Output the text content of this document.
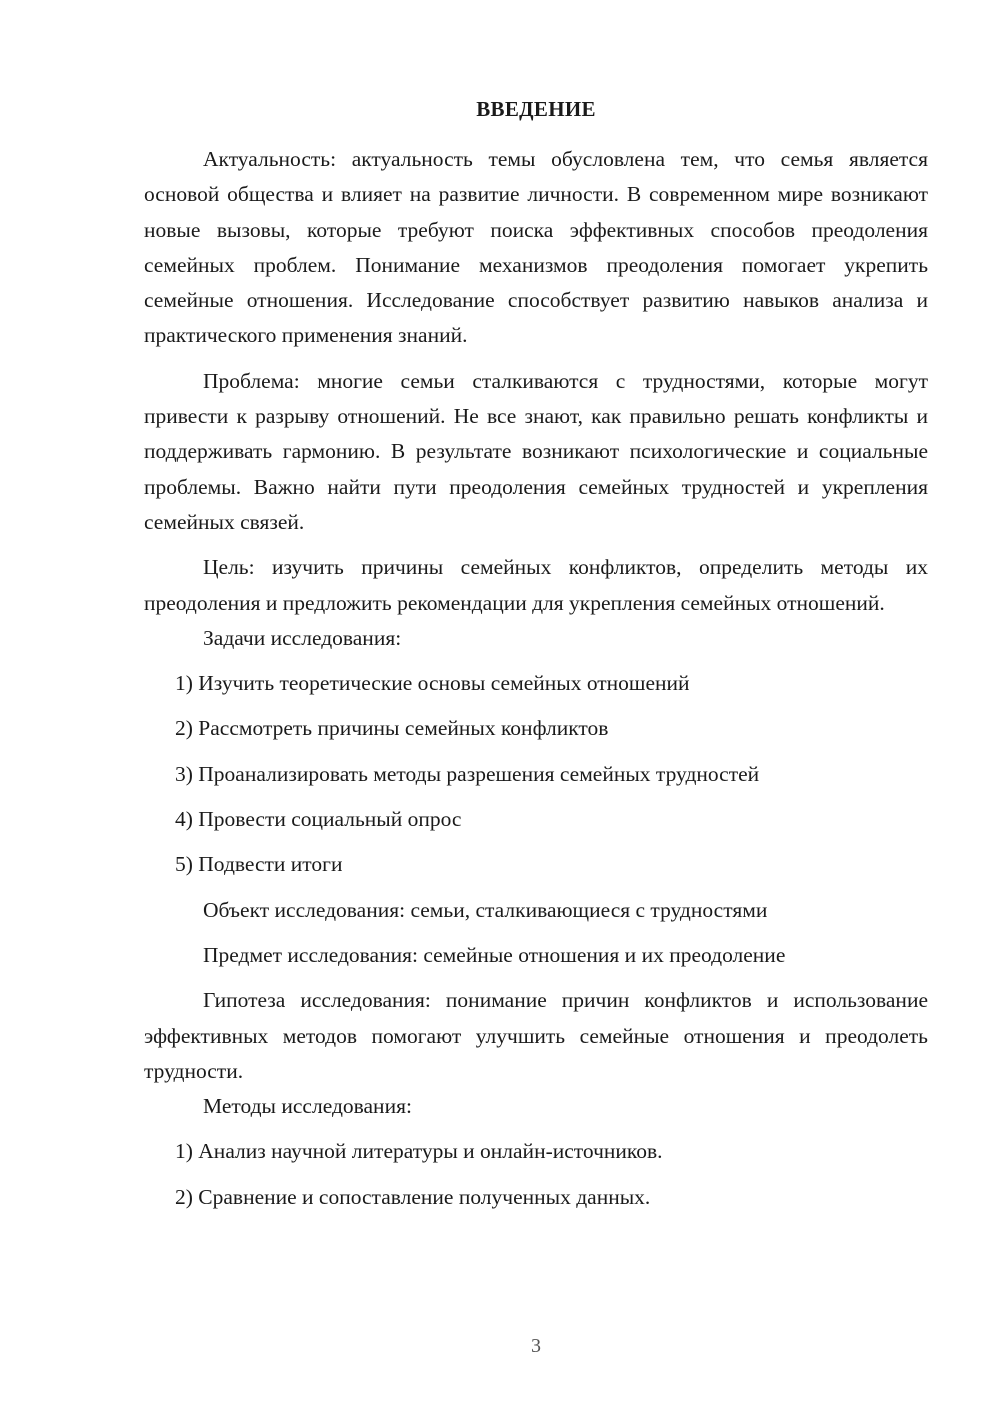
ВВЕДЕНИЕ

Актуальность: актуальность темы обусловлена тем, что семья является основой общества и влияет на развитие личности. В современном мире возникают новые вызовы, которые требуют поиска эффективных способов преодоления семейных проблем. Понимание механизмов преодоления помогает укрепить семейные отношения. Исследование способствует развитию навыков анализа и практического применения знаний.

Проблема: многие семьи сталкиваются с трудностями, которые могут привести к разрыву отношений. Не все знают, как правильно решать конфликты и поддерживать гармонию. В результате возникают психологические и социальные проблемы. Важно найти пути преодоления семейных трудностей и укрепления семейных связей.

Цель: изучить причины семейных конфликтов, определить методы их преодоления и предложить рекомендации для укрепления семейных отношений.

Задачи исследования:

1) Изучить теоретические основы семейных отношений

2) Рассмотреть причины семейных конфликтов

3) Проанализировать методы разрешения семейных трудностей

4) Провести социальный опрос

5) Подвести итоги

Объект исследования: семьи, сталкивающиеся с трудностями

Предмет исследования: семейные отношения и их преодоление

Гипотеза исследования: понимание причин конфликтов и использование эффективных методов помогают улучшить семейные отношения и преодолеть трудности.

Методы исследования:

1) Анализ научной литературы и онлайн-источников.

2) Сравнение и сопоставление полученных данных.

3
